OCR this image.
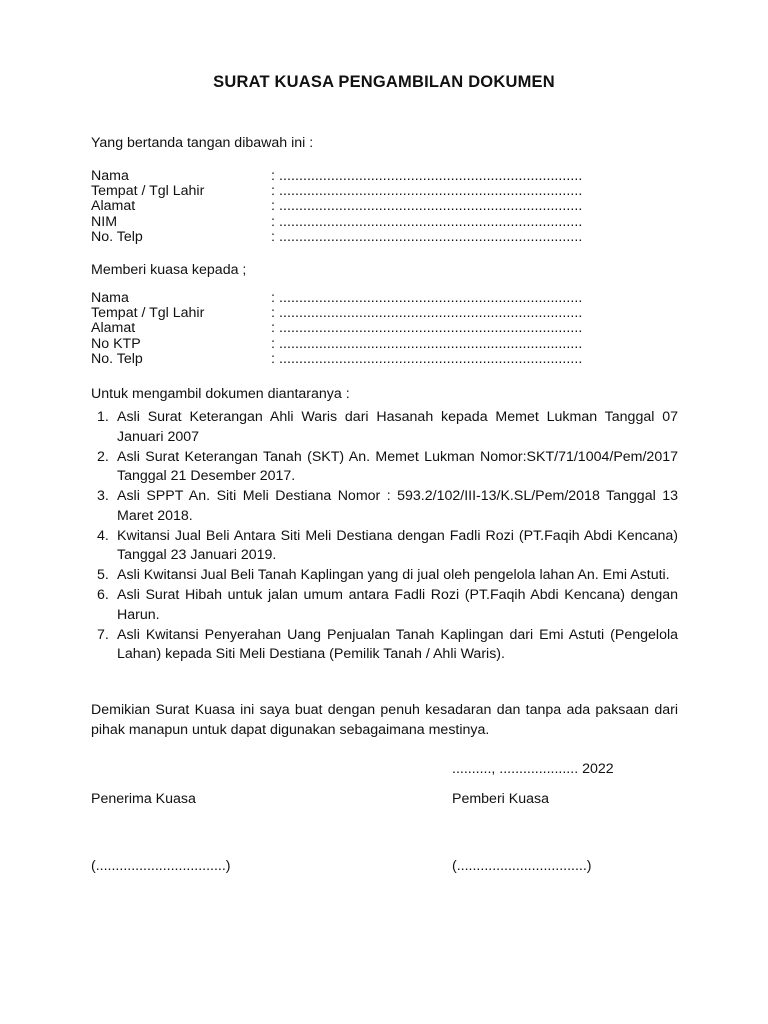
SURAT KUASA PENGAMBILAN DOKUMEN
Yang bertanda tangan dibawah ini :
Nama	: ............................................................................
Tempat / Tgl Lahir	: ............................................................................
Alamat	: ............................................................................
NIM	: ............................................................................
No. Telp	: ............................................................................
Memberi kuasa kepada ;
Nama	: ............................................................................
Tempat / Tgl Lahir	: ............................................................................
Alamat	: ............................................................................
No KTP	: ............................................................................
No. Telp	: ............................................................................
Untuk mengambil dokumen diantaranya :
1. Asli Surat Keterangan Ahli Waris dari Hasanah kepada Memet Lukman Tanggal 07 Januari 2007
2. Asli Surat Keterangan Tanah (SKT) An. Memet Lukman Nomor:SKT/71/1004/Pem/2017 Tanggal 21 Desember 2017.
3. Asli SPPT An. Siti Meli Destiana Nomor : 593.2/102/III-13/K.SL/Pem/2018 Tanggal 13 Maret 2018.
4. Kwitansi Jual Beli Antara Siti Meli Destiana dengan Fadli Rozi (PT.Faqih Abdi Kencana) Tanggal 23 Januari 2019.
5. Asli Kwitansi Jual Beli Tanah Kaplingan yang di jual oleh pengelola lahan An. Emi Astuti.
6. Asli Surat Hibah untuk jalan umum antara Fadli Rozi (PT.Faqih Abdi Kencana) dengan Harun.
7. Asli Kwitansi Penyerahan Uang Penjualan Tanah Kaplingan dari Emi Astuti (Pengelola Lahan) kepada Siti Meli Destiana (Pemilik Tanah / Ahli Waris).
Demikian Surat Kuasa ini saya buat dengan penuh kesadaran dan tanpa ada paksaan dari pihak manapun untuk dapat digunakan sebagaimana mestinya.
.........., .................... 2022
Penerima Kuasa	Pemberi Kuasa
(.................................)	(.................................)
